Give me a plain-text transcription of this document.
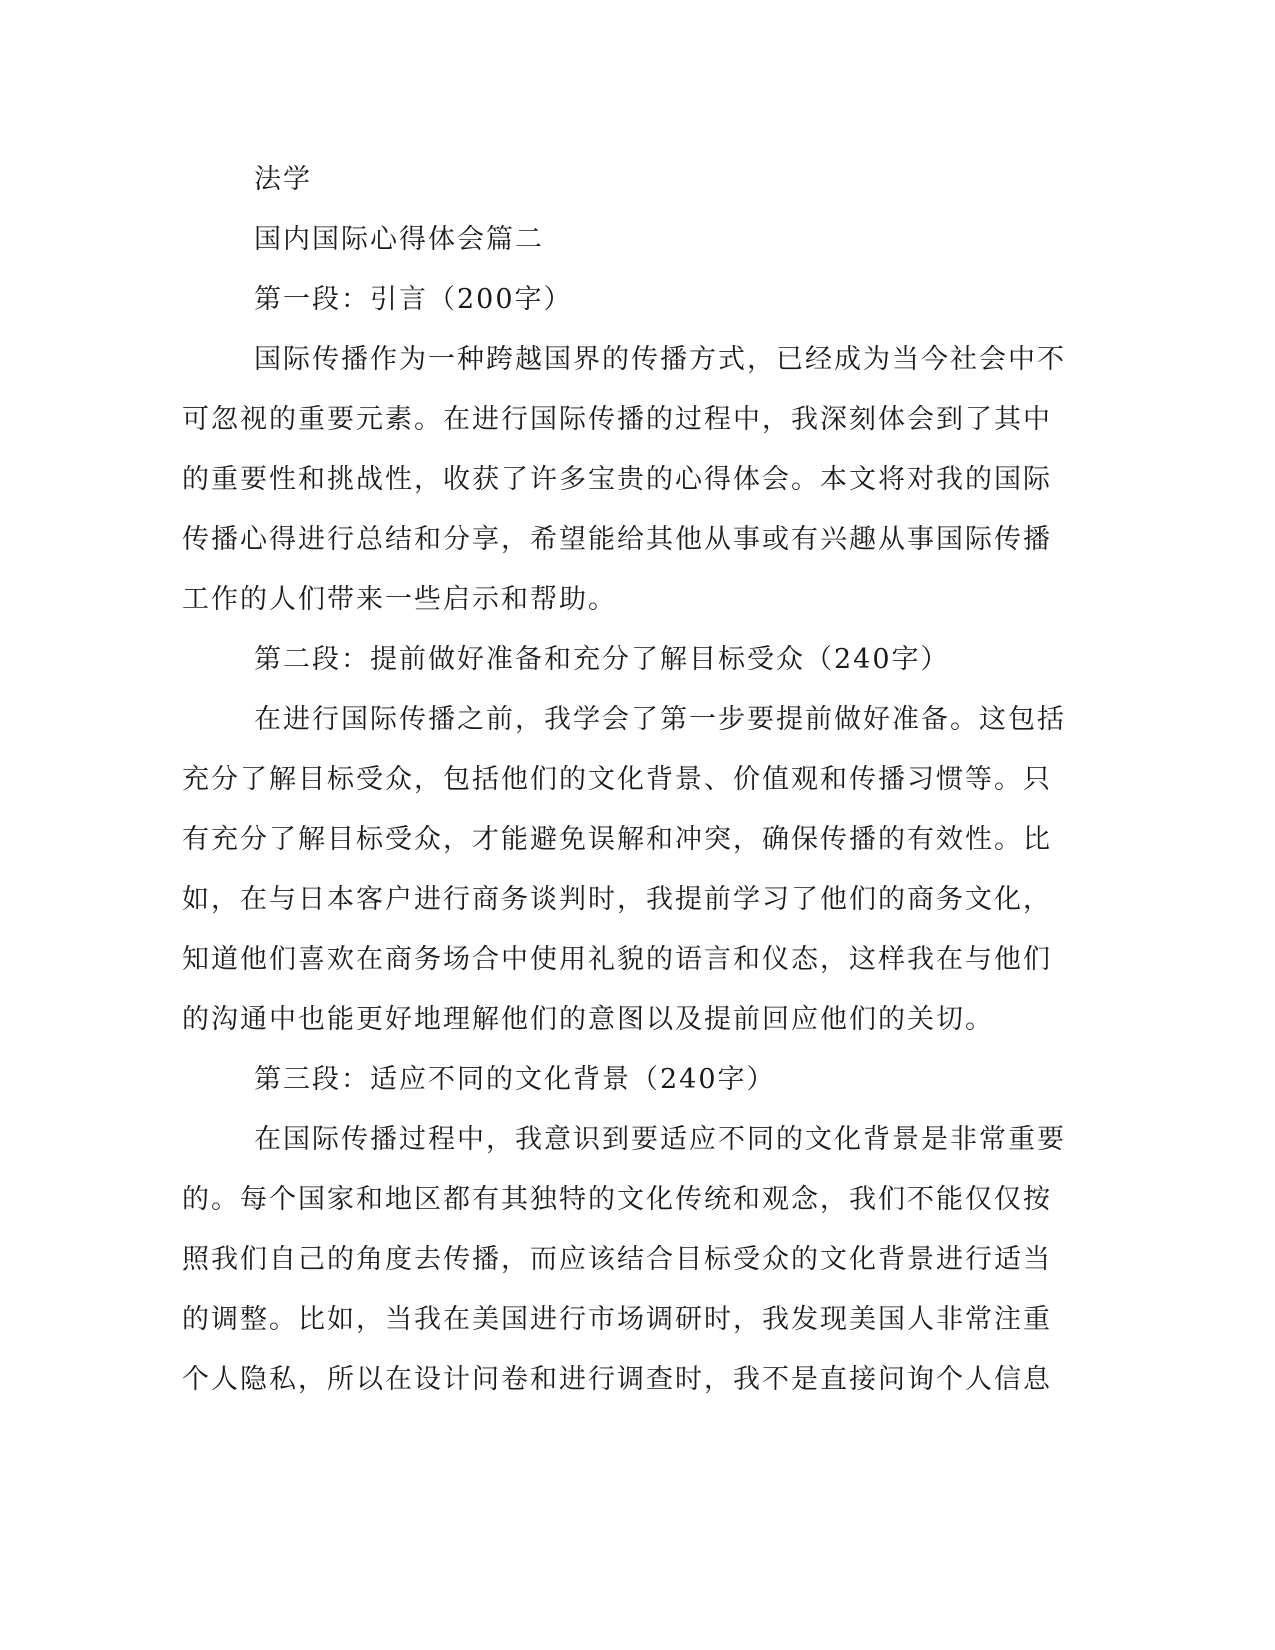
法学
国内国际心得体会篇二
第一段：引言（200字）
国际传播作为一种跨越国界的传播方式，已经成为当今社会中不
可忽视的重要元素。在进行国际传播的过程中，我深刻体会到了其中
的重要性和挑战性，收获了许多宝贵的心得体会。本文将对我的国际
传播心得进行总结和分享，希望能给其他从事或有兴趣从事国际传播
工作的人们带来一些启示和帮助。
第二段：提前做好准备和充分了解目标受众（240字）
在进行国际传播之前，我学会了第一步要提前做好准备。这包括
充分了解目标受众，包括他们的文化背景、价值观和传播习惯等。只
有充分了解目标受众，才能避免误解和冲突，确保传播的有效性。比
如，在与日本客户进行商务谈判时，我提前学习了他们的商务文化，
知道他们喜欢在商务场合中使用礼貌的语言和仪态，这样我在与他们
的沟通中也能更好地理解他们的意图以及提前回应他们的关切。
第三段：适应不同的文化背景（240字）
在国际传播过程中，我意识到要适应不同的文化背景是非常重要
的。每个国家和地区都有其独特的文化传统和观念，我们不能仅仅按
照我们自己的角度去传播，而应该结合目标受众的文化背景进行适当
的调整。比如，当我在美国进行市场调研时，我发现美国人非常注重
个人隐私，所以在设计问卷和进行调查时，我不是直接问询个人信息
